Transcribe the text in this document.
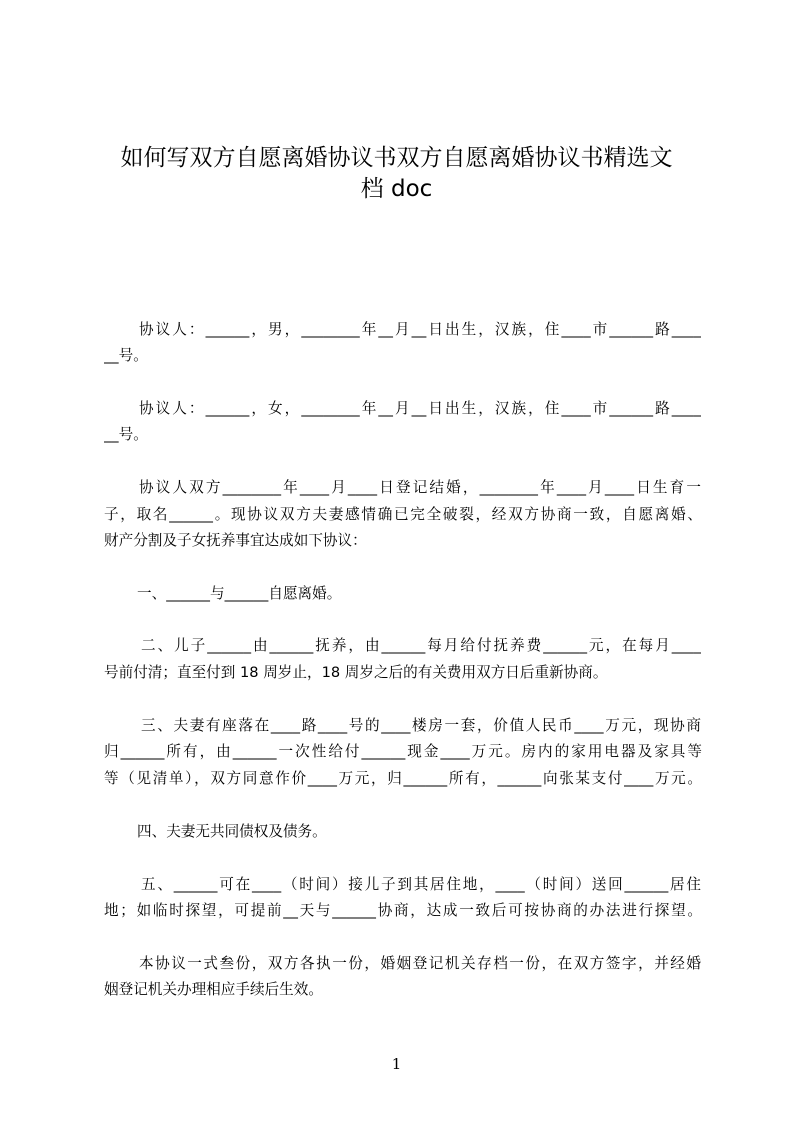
如何写双方自愿离婚协议书双方自愿离婚协议书精选文
档 doc
协议人：______，男，________年__月__日出生，汉族，住____市______路____
__号。
协议人：______，女，________年__月__日出生，汉族，住____市______路____
__号。
协议人双方________年____月____日登记结婚，________年____月____日生育一
子，取名______。现协议双方夫妻感情确已完全破裂，经双方协商一致，自愿离婚、
财产分割及子女抚养事宜达成如下协议：
一、______与______自愿离婚。
二、儿子______由______抚养，由______每月给付抚养费______元，在每月____
号前付清；直至付到 18 周岁止，18 周岁之后的有关费用双方日后重新协商。
三、夫妻有座落在____路____号的____楼房一套，价值人民币____万元，现协商
归______所有，由______一次性给付______现金____万元。房内的家用电器及家具等
等（见清单），双方同意作价____万元，归______所有，______向张某支付____万元。
四、夫妻无共同债权及债务。
五、______可在____（时间）接儿子到其居住地，____（时间）送回______居住
地；如临时探望，可提前__天与______协商，达成一致后可按协商的办法进行探望。
本协议一式叁份，双方各执一份，婚姻登记机关存档一份，在双方签字，并经婚
姻登记机关办理相应手续后生效。
1
